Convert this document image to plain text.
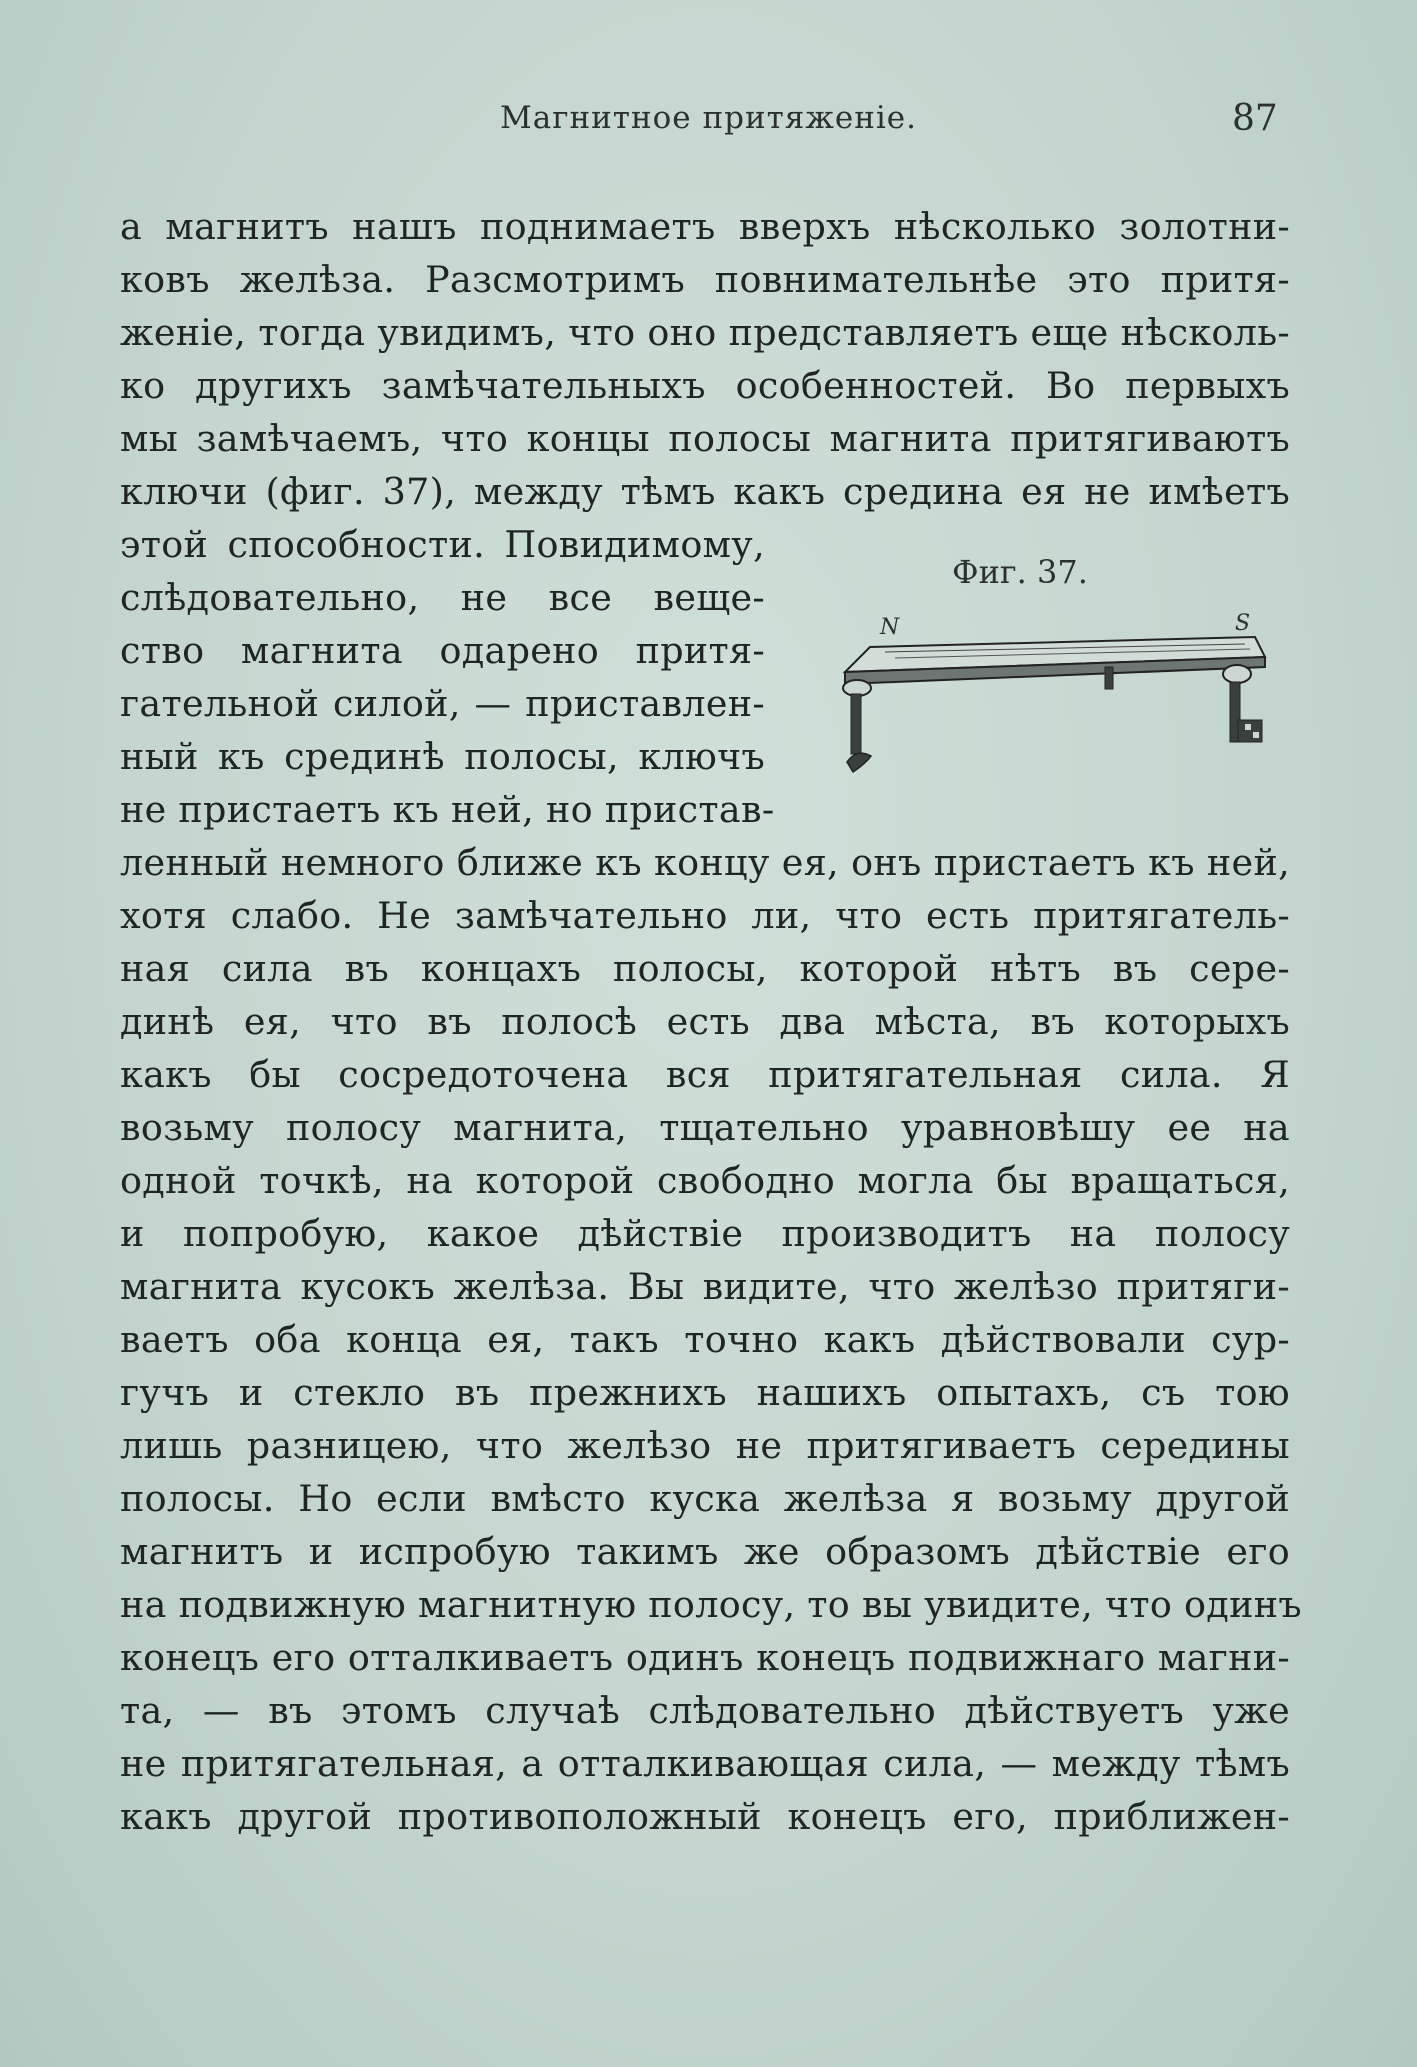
Магнитное притяженіе.	87
а магнитъ нашъ поднимаетъ вверхъ нѣсколько золотни-
ковъ желѣза. Разсмотримъ повнимательнѣе это притя-
женіе, тогда увидимъ, что оно представляетъ еще нѣсколь-
ко другихъ замѣчательныхъ особенностей. Во первыхъ
мы замѣчаемъ, что концы полосы магнита притягиваютъ
ключи (фиг. 37), между тѣмъ какъ средина ея не имѣетъ
этой способности. Повидимому,
слѣдовательно, не все веще-
ство магнита одарено притя-
гательной силой, — приставлен-
ный къ срединѣ полосы, ключъ
не пристаетъ къ ней, но пристав-
ленный немного ближе къ концу ея, онъ пристаетъ къ ней,
хотя слабо. Не замѣчательно ли, что есть притягатель-
ная сила въ концахъ полосы, которой нѣтъ въ серe-
динѣ ея, что въ полосѣ есть два мѣста, въ которыхъ
какъ бы сосредоточена вся притягательная сила. Я
возьму полосу магнита, тщательно уравновѣшу ее на
одной точкѣ, на которой свободно могла бы вращаться,
и попробую, какое дѣйствіе производитъ на полосу
магнита кусокъ желѣза. Вы видите, что желѣзо притяги-
ваетъ оба конца ея, такъ точно какъ дѣйствовали сур-
гучъ и стекло въ прежнихъ нашихъ опытахъ, съ тою
лишь разницею, что желѣзо не притягиваетъ середины
полосы. Но если вмѣсто куска желѣза я возьму другой
магнитъ и испробую такимъ же образомъ дѣйствіе его
на подвижную магнитную полосу, то вы увидите, что одинъ
конецъ его отталкиваетъ одинъ конецъ подвижнаго магни-
та, — въ этомъ случаѣ слѣдовательно дѣйствуетъ уже
не притягательная, а отталкивающая сила, — между тѣмъ
какъ другой противоположный конецъ его, приближен-
Фиг. 37.
N	S
